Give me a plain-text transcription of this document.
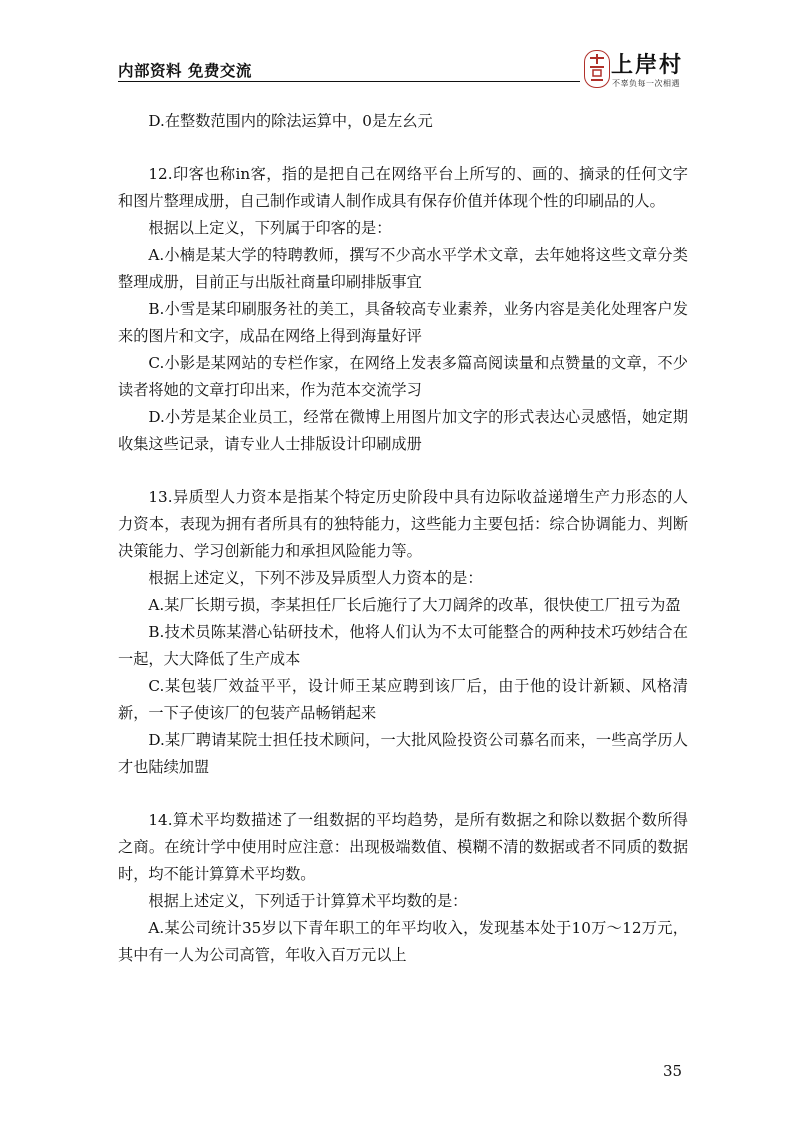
内部资料 免费交流	上岸村
不辜负每一次相遇

D.在整数范围内的除法运算中，0是左幺元

12.印客也称in客，指的是把自己在网络平台上所写的、画的、摘录的任何文字和图片整理成册，自己制作或请人制作成具有保存价值并体现个性的印刷品的人。

根据以上定义，下列属于印客的是：

A.小楠是某大学的特聘教师，撰写不少高水平学术文章，去年她将这些文章分类整理成册，目前正与出版社商量印刷排版事宜

B.小雪是某印刷服务社的美工，具备较高专业素养，业务内容是美化处理客户发来的图片和文字，成品在网络上得到海量好评

C.小影是某网站的专栏作家，在网络上发表多篇高阅读量和点赞量的文章，不少读者将她的文章打印出来，作为范本交流学习

D.小芳是某企业员工，经常在微博上用图片加文字的形式表达心灵感悟，她定期收集这些记录，请专业人士排版设计印刷成册

13.异质型人力资本是指某个特定历史阶段中具有边际收益递增生产力形态的人力资本，表现为拥有者所具有的独特能力，这些能力主要包括：综合协调能力、判断决策能力、学习创新能力和承担风险能力等。

根据上述定义，下列不涉及异质型人力资本的是：

A.某厂长期亏损，李某担任厂长后施行了大刀阔斧的改革，很快使工厂扭亏为盈

B.技术员陈某潜心钻研技术，他将人们认为不太可能整合的两种技术巧妙结合在一起，大大降低了生产成本

C.某包装厂效益平平，设计师王某应聘到该厂后，由于他的设计新颖、风格清新，一下子使该厂的包装产品畅销起来

D.某厂聘请某院士担任技术顾问，一大批风险投资公司慕名而来，一些高学历人才也陆续加盟

14.算术平均数描述了一组数据的平均趋势，是所有数据之和除以数据个数所得之商。在统计学中使用时应注意：出现极端数值、模糊不清的数据或者不同质的数据时，均不能计算算术平均数。

根据上述定义，下列适于计算算术平均数的是：

A.某公司统计35岁以下青年职工的年平均收入，发现基本处于10万～12万元，其中有一人为公司高管，年收入百万元以上

35
